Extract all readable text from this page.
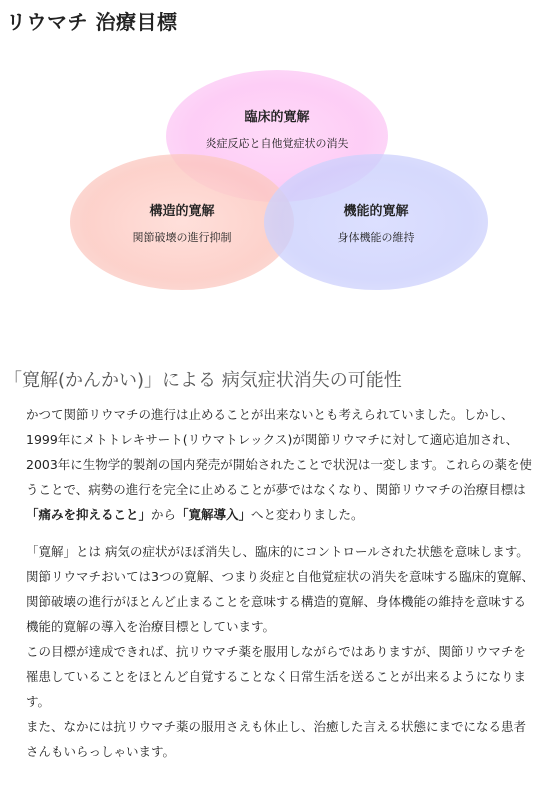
リウマチ 治療目標
臨床的寛解
炎症反応と自他覚症状の消失
構造的寛解
関節破壊の進行抑制
機能的寛解
身体機能の維持
「寛解(かんかい)」による 病気症状消失の可能性

かつて関節リウマチの進行は止めることが出来ないとも考えられていました。しかし、1999年にメトトレキサート(リウマトレックス)が関節リウマチに対して適応追加され、2003年に生物学的製剤の国内発売が開始されたことで状況は一変します。これらの薬を使うことで、病勢の進行を完全に止めることが夢ではなくなり、関節リウマチの治療目標は「痛みを抑えること」から「寛解導入」へと変わりました。

「寛解」とは 病気の症状がほぼ消失し、臨床的にコントロールされた状態を意味します。関節リウマチおいては3つの寛解、つまり炎症と自他覚症状の消失を意味する臨床的寛解、関節破壊の進行がほとんど止まることを意味する構造的寛解、身体機能の維持を意味する機能的寛解の導入を治療目標としています。
この目標が達成できれば、抗リウマチ薬を服用しながらではありますが、関節リウマチを罹患していることをほとんど自覚することなく日常生活を送ることが出来るようになります。
また、なかには抗リウマチ薬の服用さえも休止し、治癒した言える状態にまでになる患者さんもいらっしゃいます。
